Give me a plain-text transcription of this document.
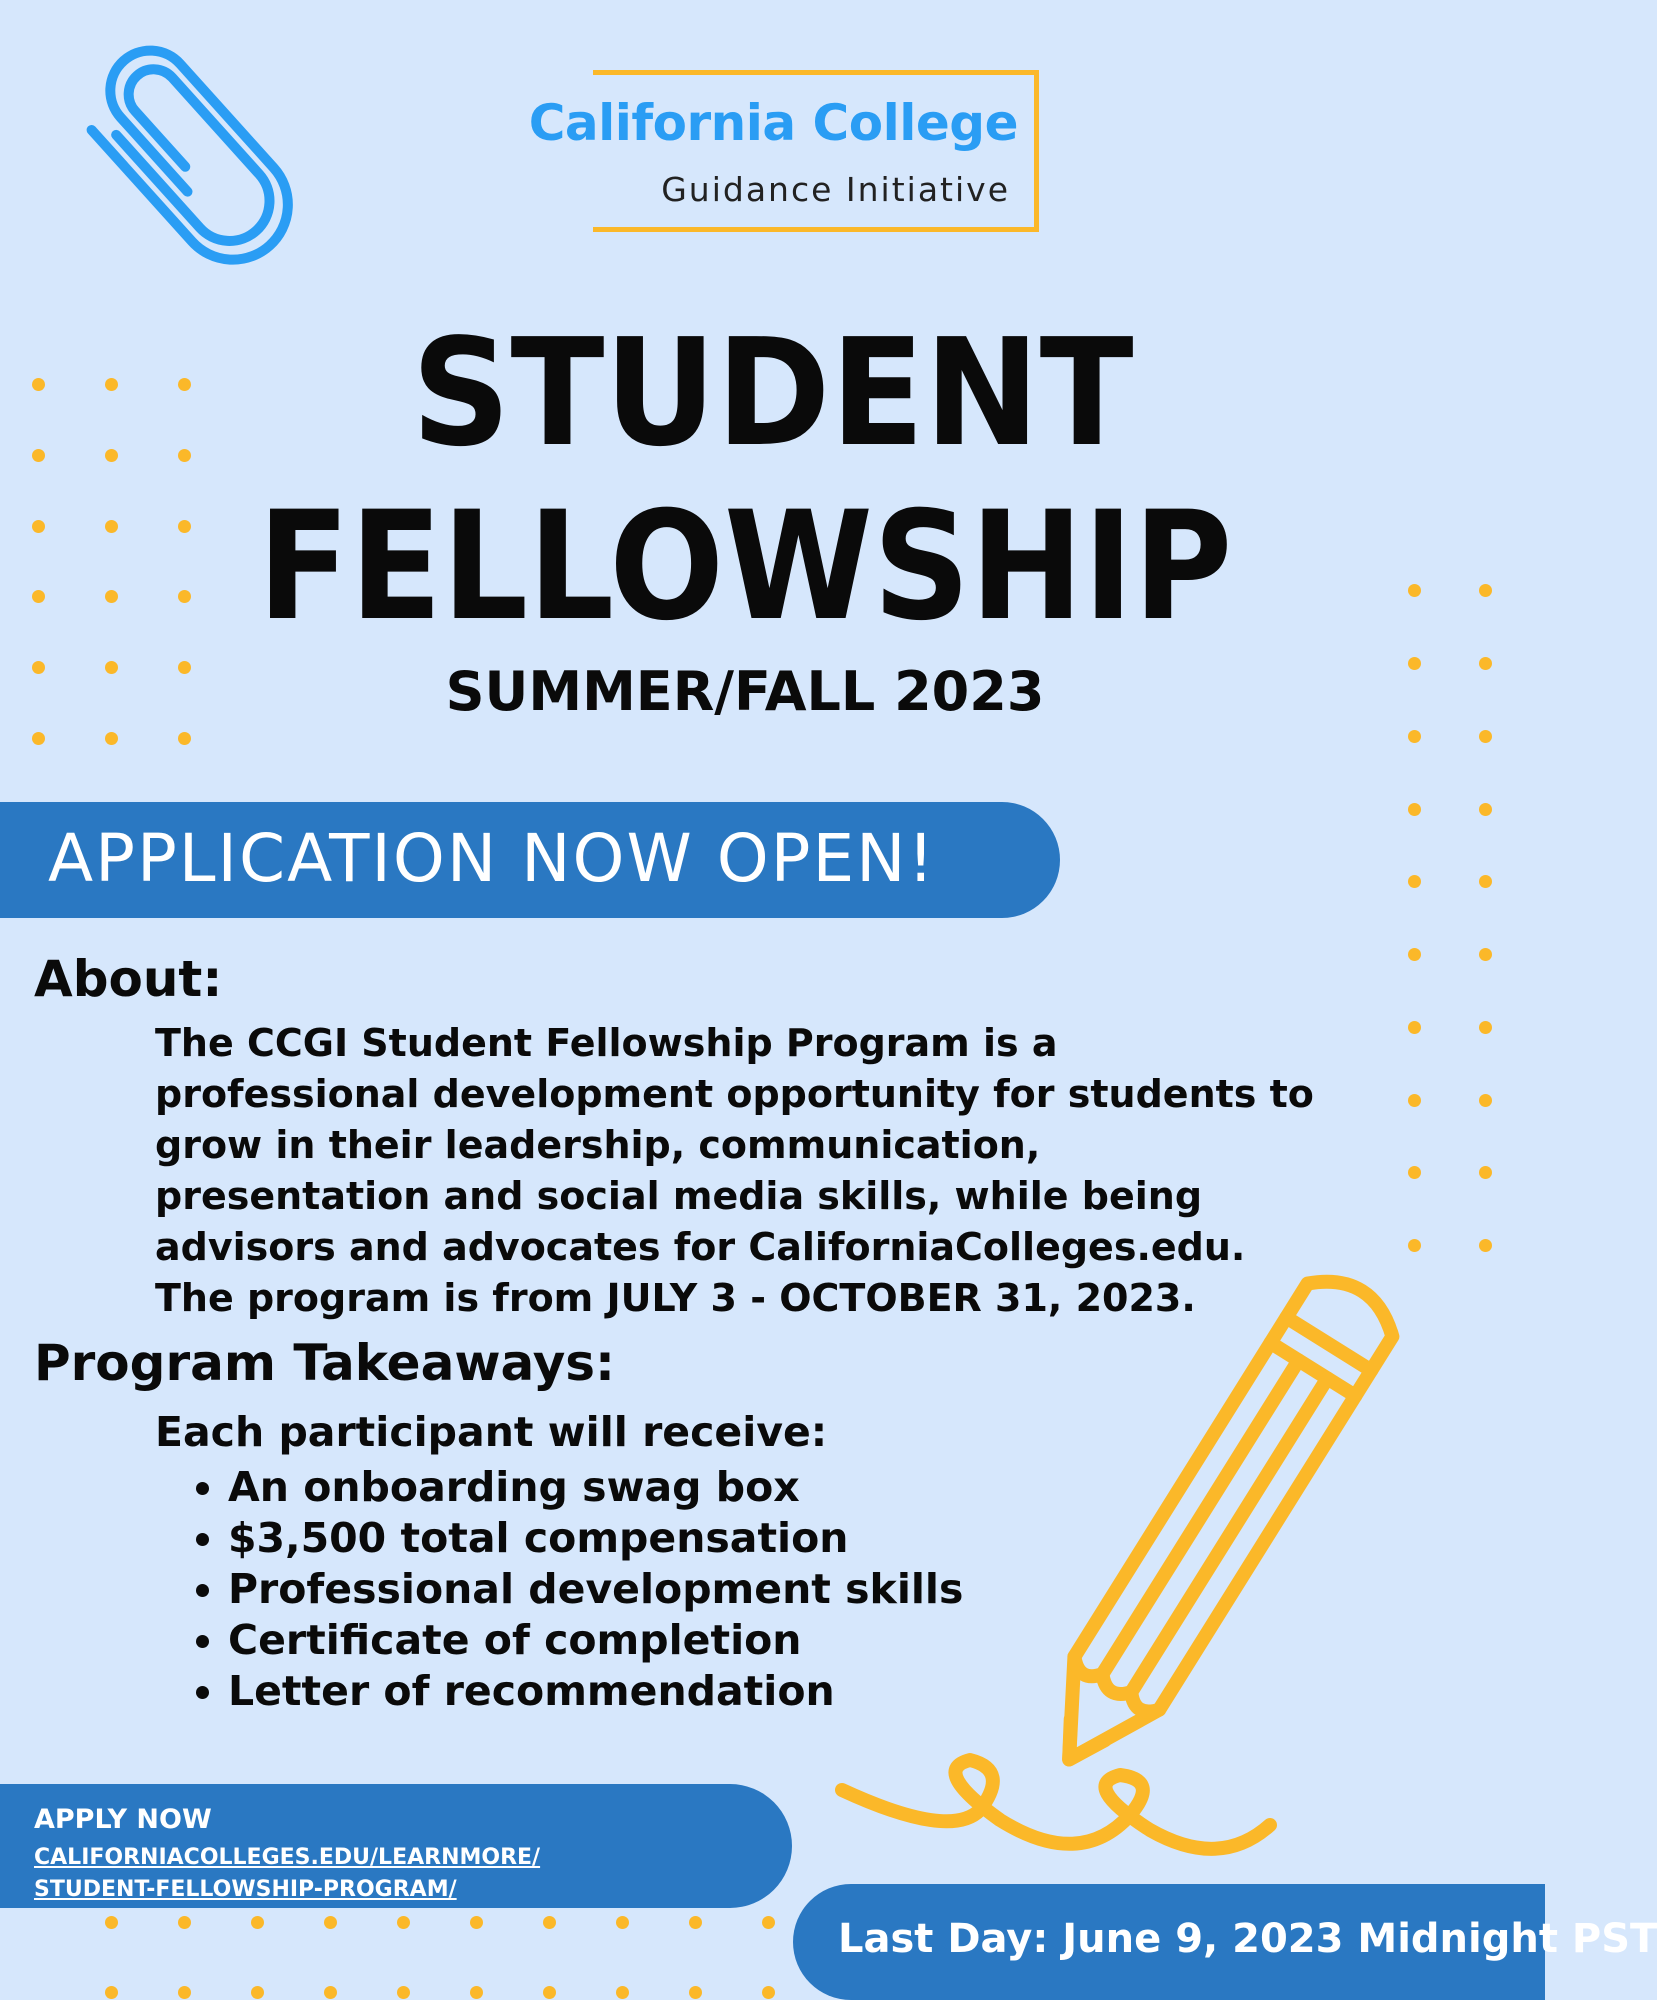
California College
Guidance Initiative
STUDENT
FELLOWSHIP
SUMMER/FALL 2023
APPLICATION NOW OPEN!
About:
The CCGI Student Fellowship Program is a professional development opportunity for students to grow in their leadership, communication, presentation and social media skills, while being advisors and advocates for CaliforniaColleges.edu. The program is from JULY 3 - OCTOBER 31, 2023.
Program Takeaways:
Each participant will receive:
• An onboarding swag box
• $3,500 total compensation
• Professional development skills
• Certificate of completion
• Letter of recommendation
APPLY NOW
CALIFORNIACOLLEGES.EDU/LEARNMORE/
STUDENT-FELLOWSHIP-PROGRAM/
Last Day: June 9, 2023 Midnight PST
